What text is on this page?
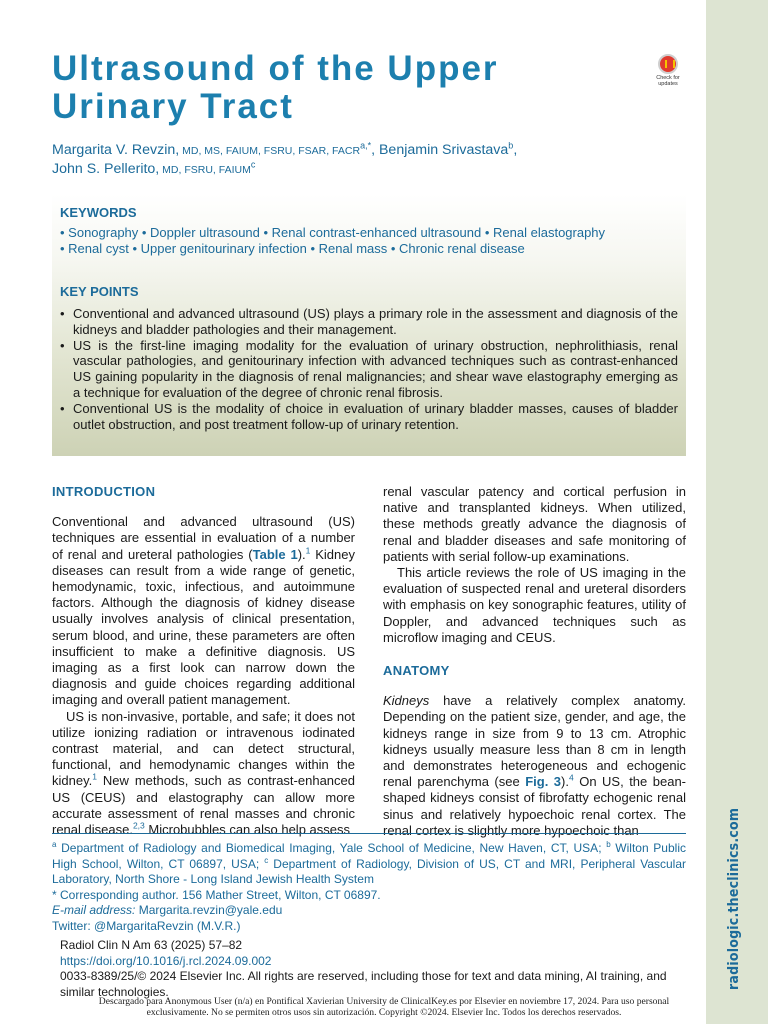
radiologic.theclinics.com
Ultrasound of the Upper Urinary Tract
Check for
updates
Margarita V. Revzin, MD, MS, FAIUM, FSRU, FSAR, $FACR^{a,*}$, Benjamin Srivastava$^b$,
John S. Pellerito, MD, FSRU, FAIUM$^c$
KEYWORDS
• Sonography • Doppler ultrasound • Renal contrast-enhanced ultrasound • Renal elastography
• Renal cyst • Upper genitourinary infection • Renal mass • Chronic renal disease
KEY POINTS
• Conventional and advanced ultrasound (US) plays a primary role in the assessment and diagnosis of the kidneys and bladder pathologies and their management.
• US is the first-line imaging modality for the evaluation of urinary obstruction, nephrolithiasis, renal vascular pathologies, and genitourinary infection with advanced techniques such as contrast-enhanced US gaining popularity in the diagnosis of renal malignancies; and shear wave elastography emerging as a technique for evaluation of the degree of chronic renal fibrosis.
• Conventional US is the modality of choice in evaluation of urinary bladder masses, causes of bladder outlet obstruction, and post treatment follow-up of urinary retention.
INTRODUCTION

Conventional and advanced ultrasound (US) techniques are essential in evaluation of a number of renal and ureteral pathologies (Table 1).$^1$ Kidney diseases can result from a wide range of genetic, hemodynamic, toxic, infectious, and autoimmune factors. Although the diagnosis of kidney disease usually involves analysis of clinical presentation, serum blood, and urine, these parameters are often insufficient to make a definitive diagnosis. US imaging as a first look can narrow down the diagnosis and guide choices regarding additional imaging and overall patient management.

US is non-invasive, portable, and safe; it does not utilize ionizing radiation or intravenous iodinated contrast material, and can detect structural, functional, and hemodynamic changes within the kidney.$^1$ New methods, such as contrast-enhanced US (CEUS) and elastography can allow more accurate assessment of renal masses and chronic renal disease.$^{2,3}$ Microbubbles can also help assess

renal vascular patency and cortical perfusion in native and transplanted kidneys. When utilized, these methods greatly advance the diagnosis of renal and bladder diseases and safe monitoring of patients with serial follow-up examinations.

This article reviews the role of US imaging in the evaluation of suspected renal and ureteral disorders with emphasis on key sonographic features, utility of Doppler, and advanced techniques such as microflow imaging and CEUS.

ANATOMY

Kidneys have a relatively complex anatomy. Depending on the patient size, gender, and age, the kidneys range in size from 9 to 13 cm. Atrophic kidneys usually measure less than 8 cm in length and demonstrates heterogeneous and echogenic renal parenchyma (see Fig. 3).$^4$ On US, the bean-shaped kidneys consist of fibrofatty echogenic renal sinus and relatively hypoechoic renal cortex. The renal cortex is slightly more hypoechoic than

$^a$ Department of Radiology and Biomedical Imaging, Yale School of Medicine, New Haven, CT, USA; $^b$ Wilton Public High School, Wilton, CT 06897, USA; $^c$ Department of Radiology, Division of US, CT and MRI, Peripheral Vascular Laboratory, North Shore - Long Island Jewish Health System

* Corresponding author. 156 Mather Street, Wilton, CT 06897.

E-mail address: Margarita.revzin@yale.edu

Twitter: @MargaritaRevzin (M.V.R.)

Radiol Clin N Am 63 (2025) 57–82

https://doi.org/10.1016/j.rcl.2024.09.002

0033-8389/25/© 2024 Elsevier Inc. All rights are reserved, including those for text and data mining, AI training, and similar technologies.

Descargado para Anonymous User (n/a) en Pontifical Xavierian University de ClinicalKey.es por Elsevier en noviembre 17, 2024. Para uso personal exclusivamente. No se permiten otros usos sin autorización. Copyright ©2024. Elsevier Inc. Todos los derechos reservados.
